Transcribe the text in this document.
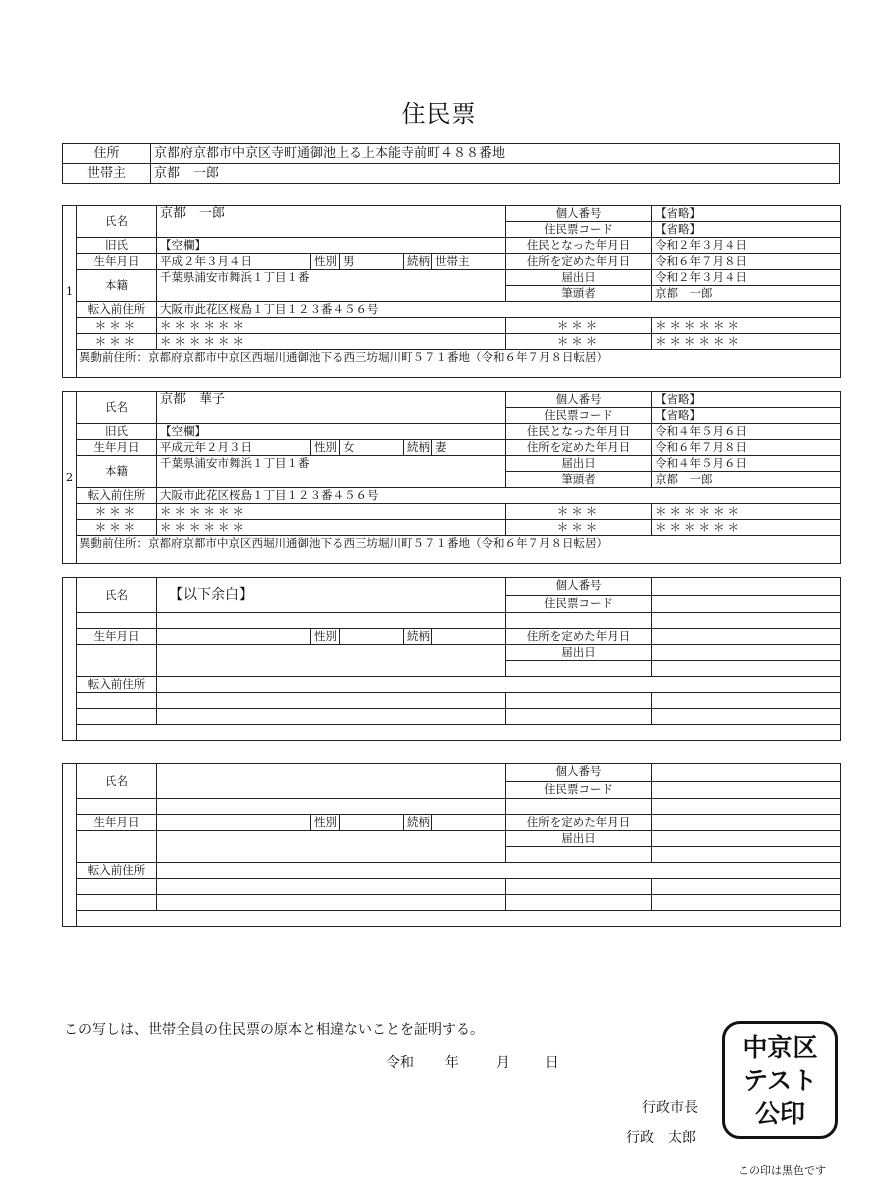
住民票
住所	京都府京都市中京区寺町通御池上る上本能寺前町４８８番地
世帯主	京都　一郎
1	氏名	京都　一郎					個人番号	【省略】
							住民票コード	【省略】
	旧氏	【空欄】					住民となった年月日	令和２年３月４日
	生年月日	平成２年３月４日	性別	男	続柄	世帯主	住所を定めた年月日	令和６年７月８日
	本籍	千葉県浦安市舞浜１丁目１番					届出日	令和２年３月４日
							筆頭者	京都　一郎
	転入前住所	大阪市此花区桜島１丁目１２３番４５６号						
	＊＊＊	＊＊＊＊＊＊					＊＊＊	＊＊＊＊＊＊
	＊＊＊	＊＊＊＊＊＊					＊＊＊	＊＊＊＊＊＊
	異動前住所：京都府京都市中京区西堀川通御池下る西三坊堀川町５７１番地（令和６年７月８日転居）							

2	氏名	京都　華子					個人番号	【省略】
							住民票コード	【省略】
	旧氏	【空欄】					住民となった年月日	令和４年５月６日
	生年月日	平成元年２月３日	性別	女	続柄	妻	住所を定めた年月日	令和６年７月８日
	本籍	千葉県浦安市舞浜１丁目１番					届出日	令和４年５月６日
							筆頭者	京都　一郎
	転入前住所	大阪市此花区桜島１丁目１２３番４５６号						
	＊＊＊	＊＊＊＊＊＊					＊＊＊	＊＊＊＊＊＊
	＊＊＊	＊＊＊＊＊＊					＊＊＊	＊＊＊＊＊＊
	異動前住所：京都府京都市中京区西堀川通御池下る西三坊堀川町５７１番地（令和６年７月８日転居）							

	氏名	【以下余白】					個人番号	
							住民票コード	

	生年月日		性別		続柄		住所を定めた年月日	
							届出日	

	転入前住所							

	氏名						個人番号	
							住民票コード	

	生年月日		性別		続柄		住所を定めた年月日	
							届出日	

	転入前住所							

この写しは、世帯全員の住民票の原本と相違ないことを証明する。
令和 年	月 日
行政市長
行政　太郎
中京区
テスト
公印
この印は黒色です
